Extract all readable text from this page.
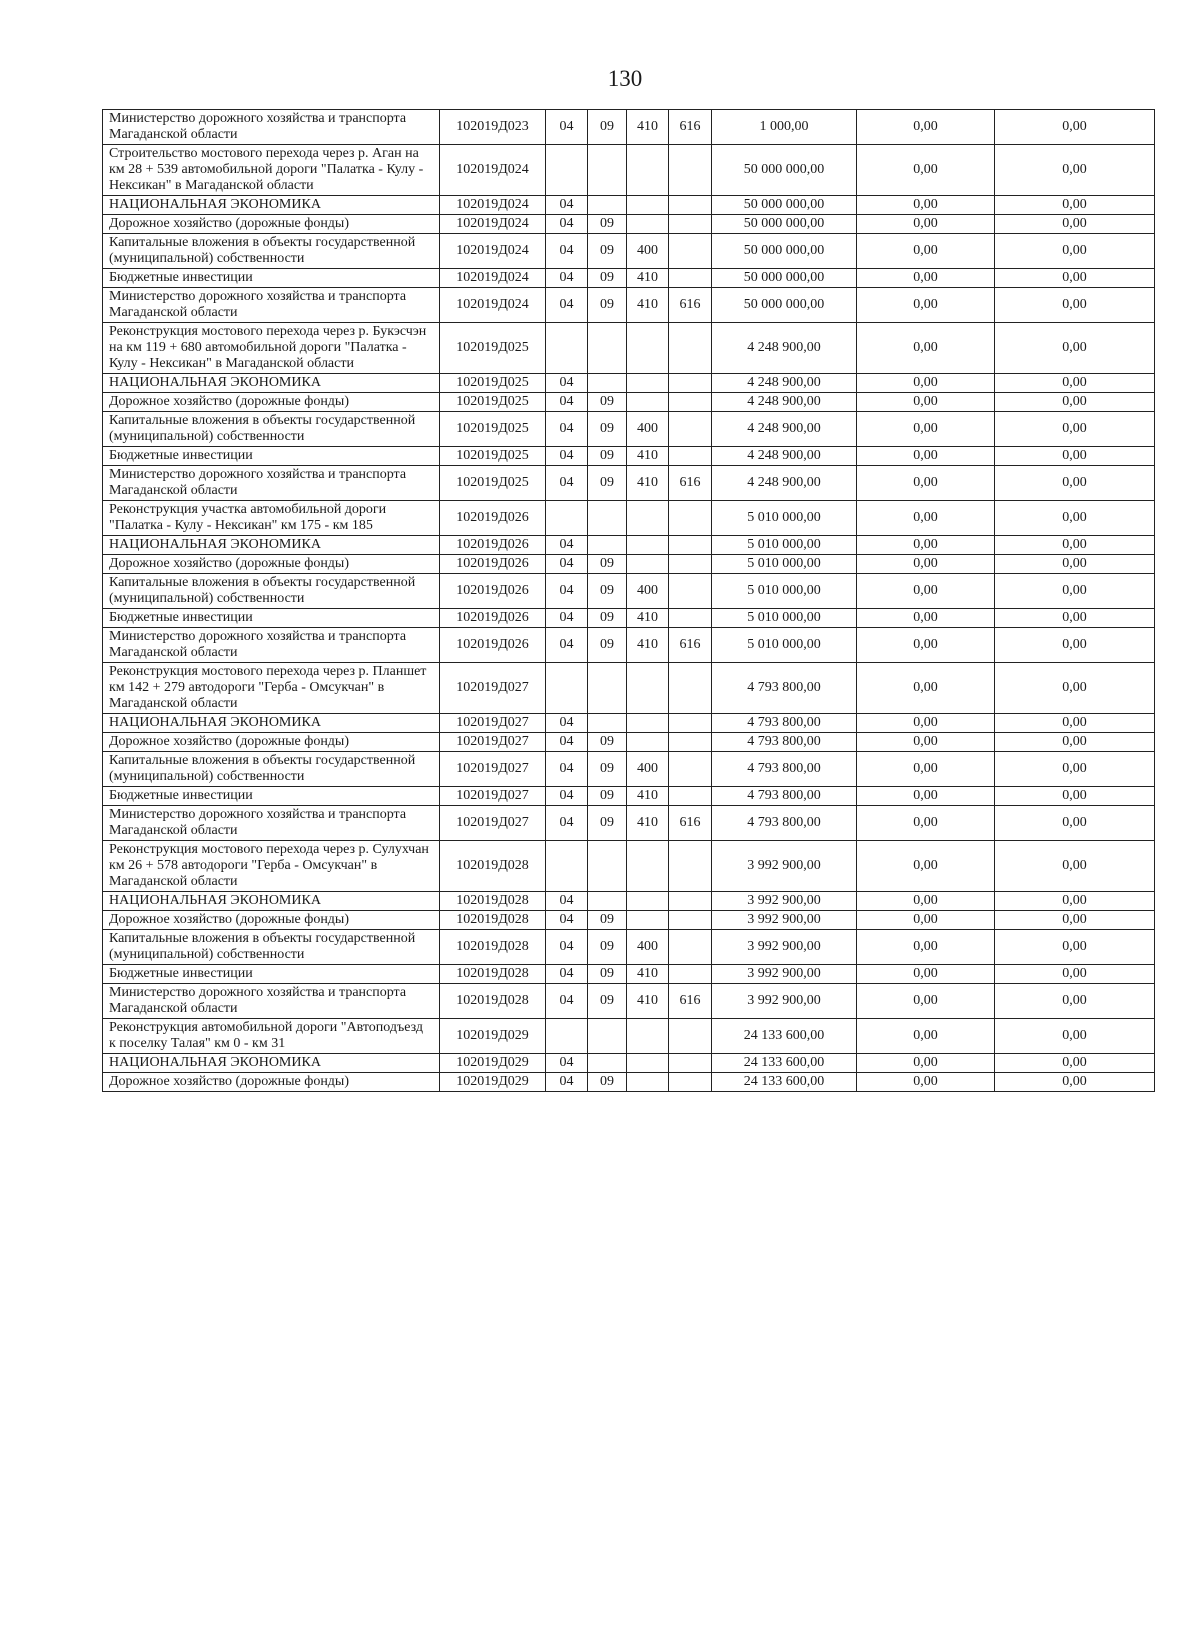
130
Министерство дорожного хозяйства и транспорта Магаданской области	102019Д023	04	09	410	616	1 000,00	0,00	0,00
Строительство мостового перехода через р. Аган на км 28 + 539 автомобильной дороги "Палатка - Кулу - Нексикан" в Магаданской области	102019Д024					50 000 000,00	0,00	0,00
НАЦИОНАЛЬНАЯ ЭКОНОМИКА	102019Д024	04				50 000 000,00	0,00	0,00
Дорожное хозяйство (дорожные фонды)	102019Д024	04	09			50 000 000,00	0,00	0,00
Капитальные вложения в объекты государственной (муниципальной) собственности	102019Д024	04	09	400		50 000 000,00	0,00	0,00
Бюджетные инвестиции	102019Д024	04	09	410		50 000 000,00	0,00	0,00
Министерство дорожного хозяйства и транспорта Магаданской области	102019Д024	04	09	410	616	50 000 000,00	0,00	0,00
Реконструкция мостового перехода через р. Букэсчэн на км 119 + 680 автомобильной дороги "Палатка - Кулу - Нексикан" в Магаданской области	102019Д025					4 248 900,00	0,00	0,00
НАЦИОНАЛЬНАЯ ЭКОНОМИКА	102019Д025	04				4 248 900,00	0,00	0,00
Дорожное хозяйство (дорожные фонды)	102019Д025	04	09			4 248 900,00	0,00	0,00
Капитальные вложения в объекты государственной (муниципальной) собственности	102019Д025	04	09	400		4 248 900,00	0,00	0,00
Бюджетные инвестиции	102019Д025	04	09	410		4 248 900,00	0,00	0,00
Министерство дорожного хозяйства и транспорта Магаданской области	102019Д025	04	09	410	616	4 248 900,00	0,00	0,00
Реконструкция участка автомобильной дороги "Палатка - Кулу - Нексикан" км 175 - км 185	102019Д026					5 010 000,00	0,00	0,00
НАЦИОНАЛЬНАЯ ЭКОНОМИКА	102019Д026	04				5 010 000,00	0,00	0,00
Дорожное хозяйство (дорожные фонды)	102019Д026	04	09			5 010 000,00	0,00	0,00
Капитальные вложения в объекты государственной (муниципальной) собственности	102019Д026	04	09	400		5 010 000,00	0,00	0,00
Бюджетные инвестиции	102019Д026	04	09	410		5 010 000,00	0,00	0,00
Министерство дорожного хозяйства и транспорта Магаданской области	102019Д026	04	09	410	616	5 010 000,00	0,00	0,00
Реконструкция мостового перехода через р. Планшет км 142 + 279 автодороги "Герба - Омсукчан" в Магаданской области	102019Д027					4 793 800,00	0,00	0,00
НАЦИОНАЛЬНАЯ ЭКОНОМИКА	102019Д027	04				4 793 800,00	0,00	0,00
Дорожное хозяйство (дорожные фонды)	102019Д027	04	09			4 793 800,00	0,00	0,00
Капитальные вложения в объекты государственной (муниципальной) собственности	102019Д027	04	09	400		4 793 800,00	0,00	0,00
Бюджетные инвестиции	102019Д027	04	09	410		4 793 800,00	0,00	0,00
Министерство дорожного хозяйства и транспорта Магаданской области	102019Д027	04	09	410	616	4 793 800,00	0,00	0,00
Реконструкция мостового перехода через р. Сулухчан км 26 + 578 автодороги "Герба - Омсукчан" в Магаданской области	102019Д028					3 992 900,00	0,00	0,00
НАЦИОНАЛЬНАЯ ЭКОНОМИКА	102019Д028	04				3 992 900,00	0,00	0,00
Дорожное хозяйство (дорожные фонды)	102019Д028	04	09			3 992 900,00	0,00	0,00
Капитальные вложения в объекты государственной (муниципальной) собственности	102019Д028	04	09	400		3 992 900,00	0,00	0,00
Бюджетные инвестиции	102019Д028	04	09	410		3 992 900,00	0,00	0,00
Министерство дорожного хозяйства и транспорта Магаданской области	102019Д028	04	09	410	616	3 992 900,00	0,00	0,00
Реконструкция автомобильной дороги "Автоподъезд к поселку Талая" км 0 - км 31	102019Д029					24 133 600,00	0,00	0,00
НАЦИОНАЛЬНАЯ ЭКОНОМИКА	102019Д029	04				24 133 600,00	0,00	0,00
Дорожное хозяйство (дорожные фонды)	102019Д029	04	09			24 133 600,00	0,00	0,00
